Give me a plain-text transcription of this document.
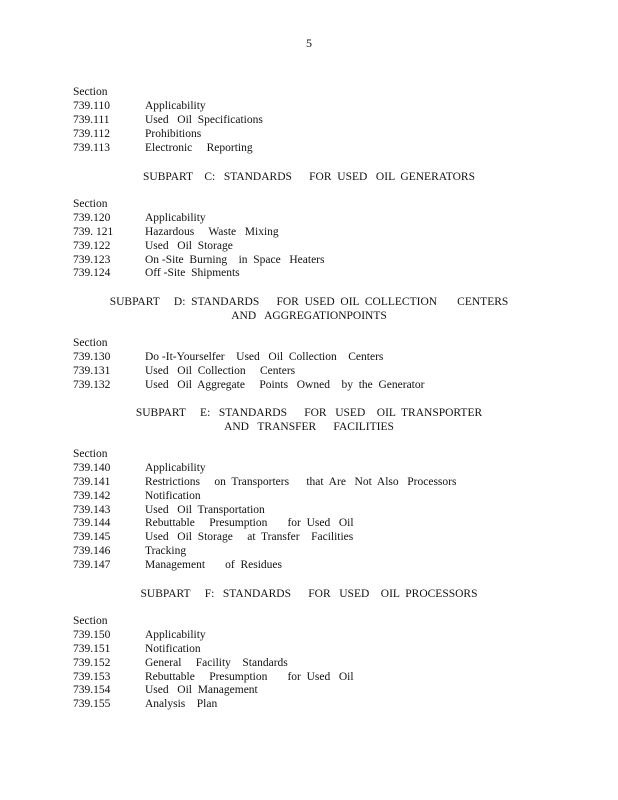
5
Section
739.110	Applicability
739.111	Used   Oil  Specifications
739.112	Prohibitions
739.113	Electronic     Reporting
SUBPART    C:   STANDARDS      FOR  USED   OIL  GENERATORS
Section
739.120	Applicability
739. 121	Hazardous     Waste   Mixing
739.122	Used   Oil  Storage
739.123	On -Site  Burning    in  Space   Heaters
739.124	Off -Site  Shipments
SUBPART     D:  STANDARDS      FOR  USED  OIL  COLLECTION       CENTERS
AND   AGGREGATIONPOINTS
Section
739.130	Do -It-Yourselfer    Used   Oil  Collection    Centers
739.131	Used   Oil  Collection     Centers
739.132	Used   Oil  Aggregate     Points   Owned    by  the  Generator
SUBPART     E:   STANDARDS      FOR   USED    OIL  TRANSPORTER
AND   TRANSFER      FACILITIES
Section
739.140	Applicability
739.141	Restrictions     on  Transporters      that  Are   Not  Also   Processors
739.142	Notification
739.143	Used   Oil  Transportation
739.144	Rebuttable     Presumption       for  Used   Oil
739.145	Used   Oil  Storage     at  Transfer    Facilities
739.146	Tracking
739.147	Management       of  Residues
SUBPART     F:   STANDARDS      FOR   USED    OIL  PROCESSORS
Section
739.150	Applicability
739.151	Notification
739.152	General     Facility    Standards
739.153	Rebuttable     Presumption       for  Used   Oil
739.154	Used   Oil  Management
739.155	Analysis    Plan
